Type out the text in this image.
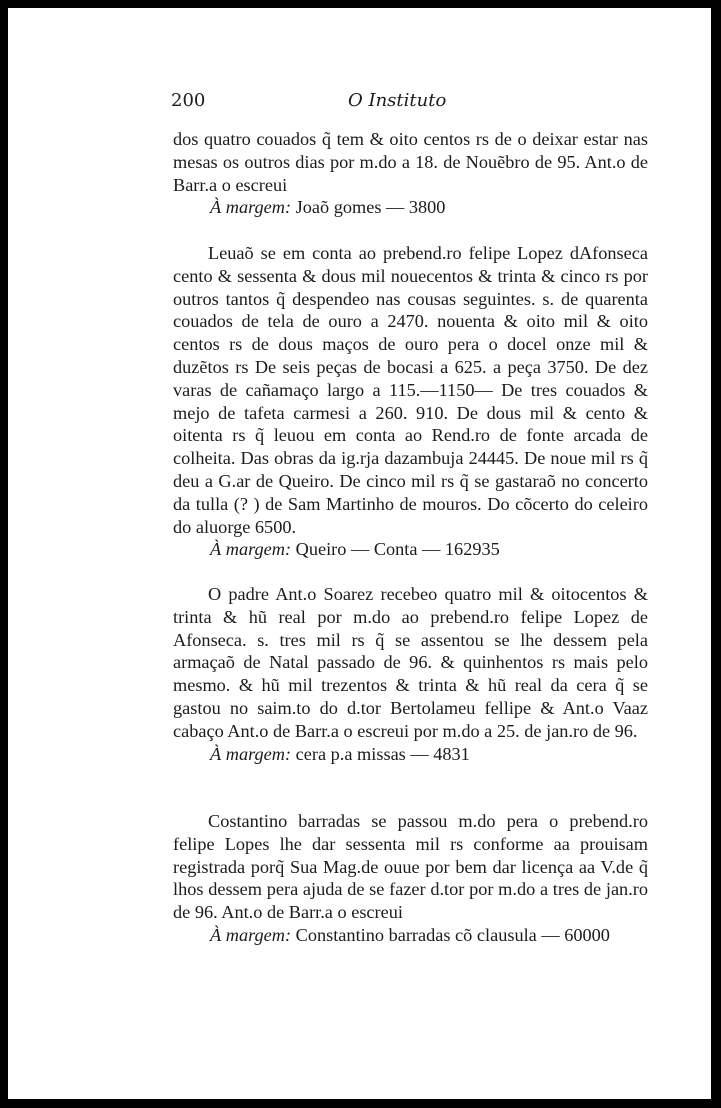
200	O Instituto

dos quatro couados q̃ tem & oito centos rs de o deixar estar nas mesas os outros dias por m.do a 18. de Nouẽbro de 95. Ant.o de Barr.a o escreui

À margem: Joaõ gomes — 3800

Leuaõ se em conta ao prebend.ro felipe Lopez dAfonseca cento & sessenta & dous mil nouecentos & trinta & cinco rs por outros tantos q̃ despendeo nas cousas seguintes. s. de quarenta couados de tela de ouro a 2470. nouenta & oito mil & oito centos rs de dous maços de ouro pera o docel onze mil & duzẽtos rs De seis peças de bocasi a 625. a peça 3750. De dez varas de cañamaço largo a 115.—1150— De tres couados & mejo de tafeta carmesi a 260. 910. De dous mil & cento & oitenta rs q̃ leuou em conta ao Rend.ro de fonte arcada de colheita. Das obras da ig.rja dazambuja 24445. De noue mil rs q̃ deu a G.ar de Queiro. De cinco mil rs q̃ se gastaraõ no concerto da tulla (? ) de Sam Martinho de mouros. Do cõcerto do celeiro do aluorge 6500.

À margem: Queiro — Conta — 162935

O padre Ant.o Soarez recebeo quatro mil & oitocentos & trinta & hũ real por m.do ao prebend.ro felipe Lopez de Afonseca. s. tres mil rs q̃ se assentou se lhe dessem pela armaçaõ de Natal passado de 96. & quinhentos rs mais pelo mesmo. & hũ mil trezentos & trinta & hũ real da cera q̃ se gastou no saim.to do d.tor Bertolameu fellipe & Ant.o Vaaz cabaço Ant.o de Barr.a o escreui por m.do a 25. de jan.ro de 96.

À margem: cera p.a missas — 4831

Costantino barradas se passou m.do pera o prebend.ro felipe Lopes lhe dar sessenta mil rs conforme aa prouisam registrada porq̃ Sua Mag.de ouue por bem dar licença aa V.de q̃ lhos dessem pera ajuda de se fazer d.tor por m.do a tres de jan.ro de 96. Ant.o de Barr.a o escreui

À margem: Constantino barradas cõ clausula — 60000
